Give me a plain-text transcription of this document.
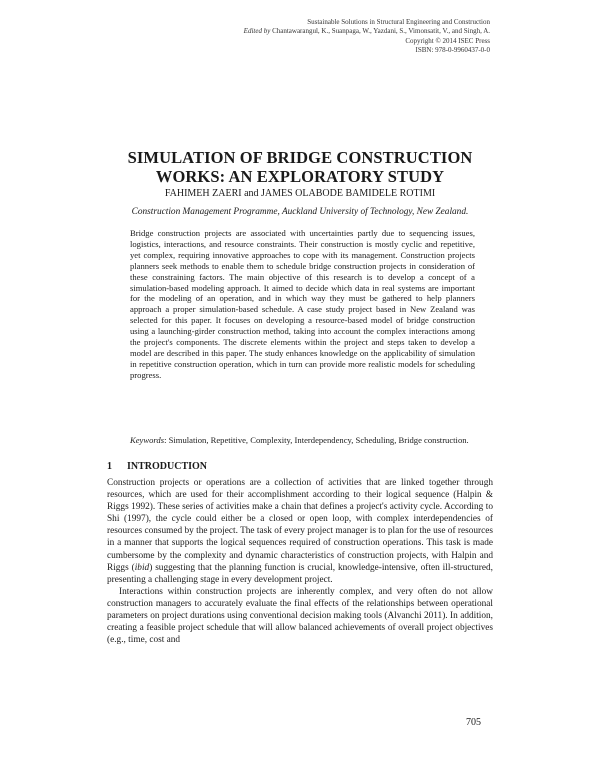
Sustainable Solutions in Structural Engineering and Construction
Edited by Chantawarangul, K., Suanpaga, W., Yazdani, S., Vimonsatit, V., and Singh, A.
Copyright © 2014 ISEC Press
ISBN: 978-0-9960437-0-0
SIMULATION OF BRIDGE CONSTRUCTION
WORKS: AN EXPLORATORY STUDY
FAHIMEH ZAERI and JAMES OLABODE BAMIDELE ROTIMI
Construction Management Programme, Auckland University of Technology, New Zealand.

Bridge construction projects are associated with uncertainties partly due to sequencing issues, logistics, interactions, and resource constraints. Their construction is mostly cyclic and repetitive, yet complex, requiring innovative approaches to cope with its management. Construction projects planners seek methods to enable them to schedule bridge construction projects in consideration of these constraining factors. The main objective of this research is to develop a concept of a simulation-based modeling approach. It aimed to decide which data in real systems are important for the modeling of an operation, and in which way they must be gathered to help planners approach a proper simulation-based schedule. A case study project based in New Zealand was selected for this paper. It focuses on developing a resource-based model of bridge construction using a launching-girder construction method, taking into account the complex interactions among the project's components. The discrete elements within the project and steps taken to develop a model are described in this paper. The study enhances knowledge on the applicability of simulation in repetitive construction operation, which in turn can provide more realistic models for scheduling progress.

Keywords: Simulation, Repetitive, Complexity, Interdependency, Scheduling, Bridge construction.

1 INTRODUCTION

Construction projects or operations are a collection of activities that are linked together through resources, which are used for their accomplishment according to their logical sequence (Halpin & Riggs 1992). These series of activities make a chain that defines a project's activity cycle. According to Shi (1997), the cycle could either be a closed or open loop, with complex interdependencies of resources consumed by the project. The task of every project manager is to plan for the use of resources in a manner that supports the logical sequences required of construction operations. This task is made cumbersome by the complexity and dynamic characteristics of construction projects, with Halpin and Riggs (ibid) suggesting that the planning function is crucial, knowledge-intensive, often ill-structured, presenting a challenging stage in every development project.

Interactions within construction projects are inherently complex, and very often do not allow construction managers to accurately evaluate the final effects of the relationships between operational parameters on project durations using conventional decision making tools (Alvanchi 2011). In addition, creating a feasible project schedule that will allow balanced achievements of overall project objectives (e.g., time, cost and

705
